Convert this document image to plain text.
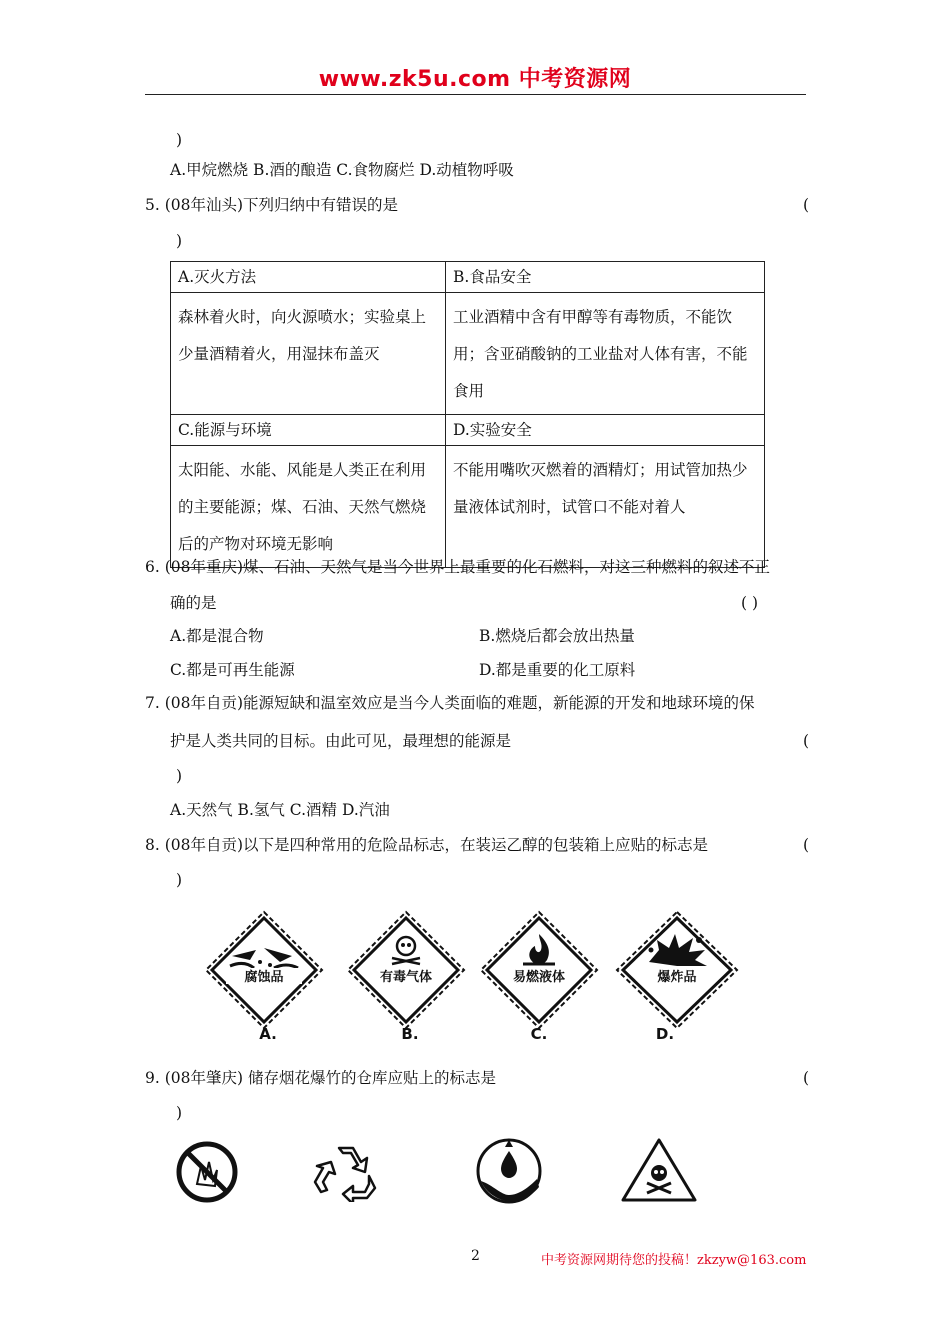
www.zk5u.com 中考资源网
)
A.甲烷燃烧 B.酒的酿造 C.食物腐烂 D.动植物呼吸
5. (08年汕头)下列归纳中有错误的是	(
)
A.灭火方法	B.食品安全
森林着火时，向火源喷水；实验桌上少量酒精着火，用湿抹布盖灭	工业酒精中含有甲醇等有毒物质，不能饮用；含亚硝酸钠的工业盐对人体有害，不能食用
C.能源与环境	D.实验安全
太阳能、水能、风能是人类正在利用的主要能源；煤、石油、天然气燃烧后的产物对环境无影响	不能用嘴吹灭燃着的酒精灯；用试管加热少量液体试剂时，试管口不能对着人
6. (08年重庆)煤、石油、天然气是当今世界上最重要的化石燃料，对这三种燃料的叙述不正
确的是	( )
A.都是混合物	B.燃烧后都会放出热量
C.都是可再生能源	D.都是重要的化工原料
7. (08年自贡)能源短缺和温室效应是当今人类面临的难题，新能源的开发和地球环境的保
护是人类共同的目标。由此可见，最理想的能源是	(
)
A.天然气 B.氢气 C.酒精 D.汽油
8. (08年自贡)以下是四种常用的危险品标志，在装运乙醇的包装箱上应贴的标志是	(
)
腐蚀品
A.
有毒气体
B.
易燃液体
C.
爆炸品
D.
9. (08年肇庆) 储存烟花爆竹的仓库应贴上的标志是	(
)
2	中考资源网期待您的投稿！zkzyw@163.com
